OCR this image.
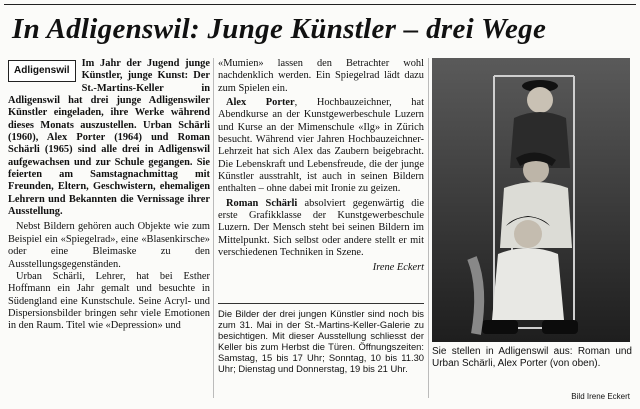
In Adligenswil: Junge Künstler – drei Wege

Adligenswil
Im Jahr der Jugend junge Künstler, junge Kunst: Der St.-Martins-Keller in Adligenswil hat drei junge Adligenswiler Künstler eingeladen, ihre Werke während dieses Monats auszustellen. Urban Schärli (1960), Alex Porter (1964) und Roman Schärli (1965) sind alle drei in Adligenswil aufgewachsen und zur Schule gegangen. Sie feierten am Samstagnachmittag mit Freunden, Eltern, Geschwistern, ehemaligen Lehrern und Bekannten die Vernissage ihrer Ausstellung.

Nebst Bildern gehören auch Objekte wie zum Beispiel ein «Spiegelrad», eine «Blasenkirsche» oder eine Bleimaske zu den Ausstellungsgegenständen.

Urban Schärli, Lehrer, hat bei Esther Hoffmann ein Jahr gemalt und besuchte in Südengland eine Kunstschule. Seine Acryl- und Dispersionsbilder bringen sehr viele Emotionen in den Raum. Titel wie «Depression» und

«Mumien» lassen den Betrachter wohl nachdenklich werden. Ein Spiegelrad lädt dazu zum Spielen ein.

Alex Porter, Hochbauzeichner, hat Abendkurse an der Kunstgewerbeschule Luzern und Kurse an der Mimenschule «Ilg» in Zürich besucht. Während vier Jahren Hochbauzeichner-Lehrzeit hat sich Alex das Zaubern beigebracht. Die Lebenskraft und Lebensfreude, die der junge Künstler ausstrahlt, ist auch in seinen Bildern enthalten – ohne dabei mit Ironie zu geizen.

Roman Schärli absolviert gegenwärtig die erste Grafikklasse der Kunstgewerbeschule Luzern. Der Mensch steht bei seinen Bildern im Mittelpunkt. Sich selbst oder andere stellt er mit verschiedenen Techniken in Szene.

Irene Eckert

Die Bilder der drei jungen Künstler sind noch bis zum 31. Mai in der St.-Martins-Keller-Galerie zu besichtigen. Mit dieser Ausstellung schliesst der Keller bis zum Herbst die Türen. Öffnungszeiten: Samstag, 15 bis 17 Uhr; Sonntag, 10 bis 11.30 Uhr; Dienstag und Donnerstag, 19 bis 21 Uhr.
Sie stellen in Adligenswil aus: Roman und Urban Schärli, Alex Porter (von oben).
Bild Irene Eckert
